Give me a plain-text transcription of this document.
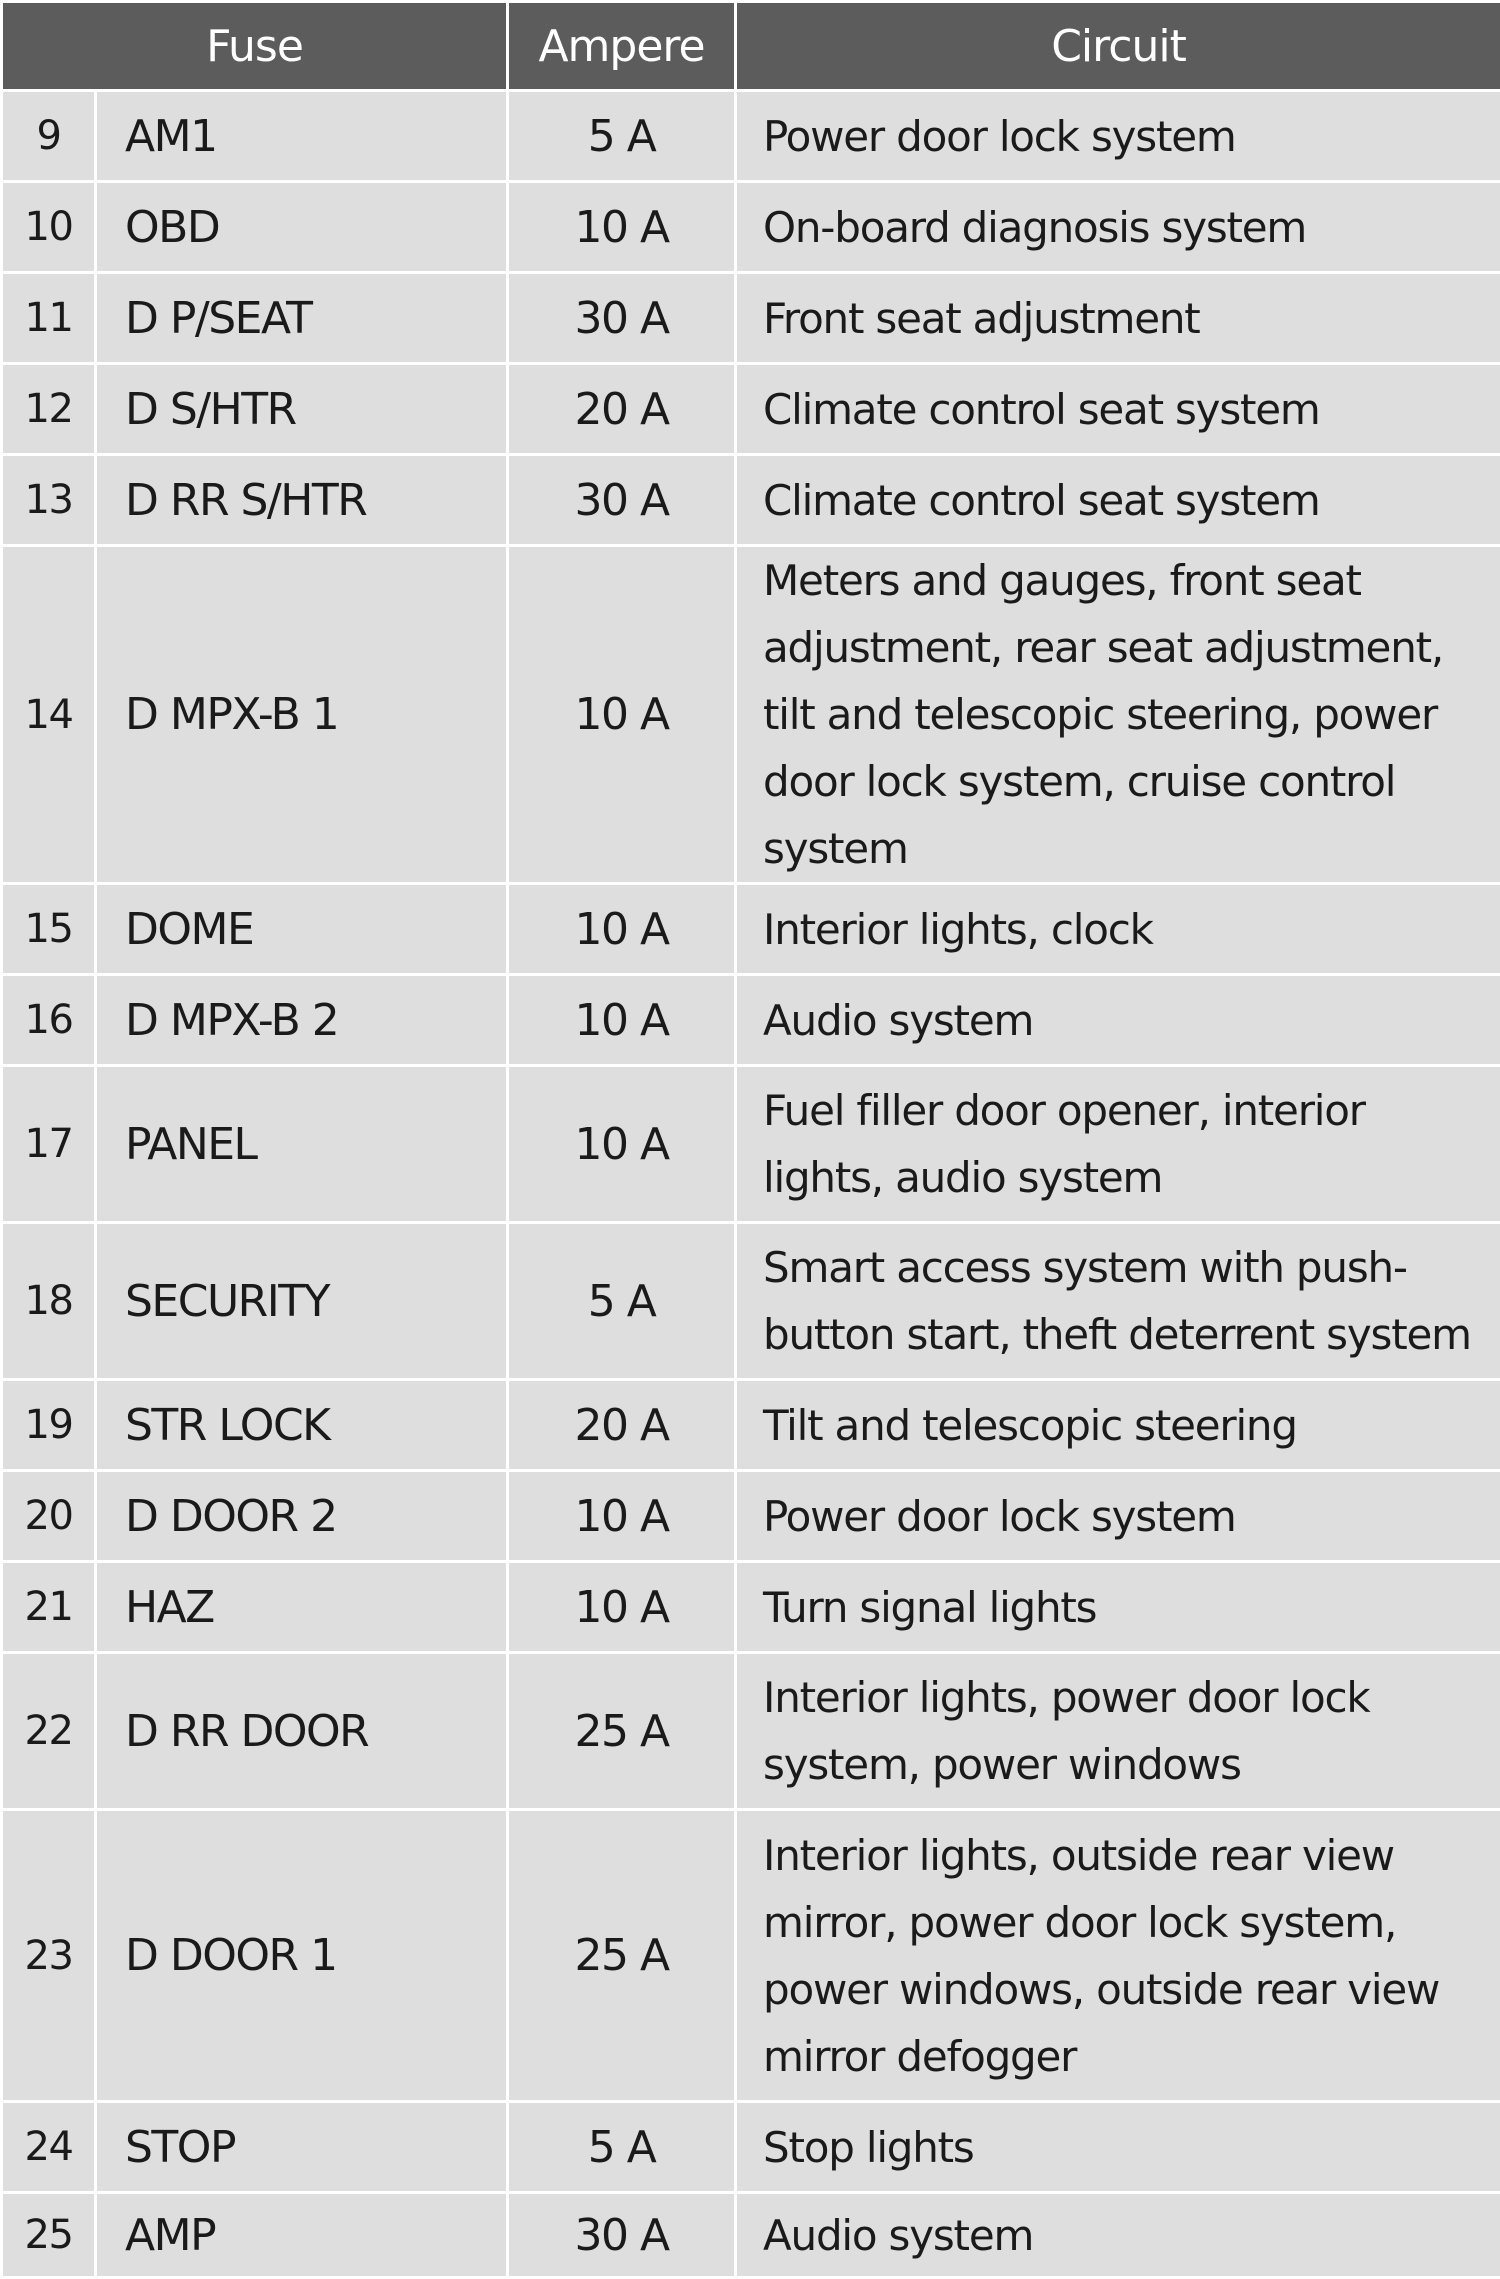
Fuse		Ampere	Circuit
9	AM1	5 A	Power door lock system
10	OBD	10 A	On-board diagnosis system
11	D P/SEAT	30 A	Front seat adjustment
12	D S/HTR	20 A	Climate control seat system
13	D RR S/HTR	30 A	Climate control seat system
14	D MPX-B 1	10 A	Meters and gauges, front seat adjustment, rear seat adjustment, tilt and telescopic steering, power door lock system, cruise control system
15	DOME	10 A	Interior lights, clock
16	D MPX-B 2	10 A	Audio system
17	PANEL	10 A	Fuel filler door opener, interior lights, audio system
18	SECURITY	5 A	Smart access system with push-button start, theft deterrent system
19	STR LOCK	20 A	Tilt and telescopic steering
20	D DOOR 2	10 A	Power door lock system
21	HAZ	10 A	Turn signal lights
22	D RR DOOR	25 A	Interior lights, power door lock system, power windows
23	D DOOR 1	25 A	Interior lights, outside rear view mirror, power door lock system, power windows, outside rear view mirror defogger
24	STOP	5 A	Stop lights
25	AMP	30 A	Audio system
